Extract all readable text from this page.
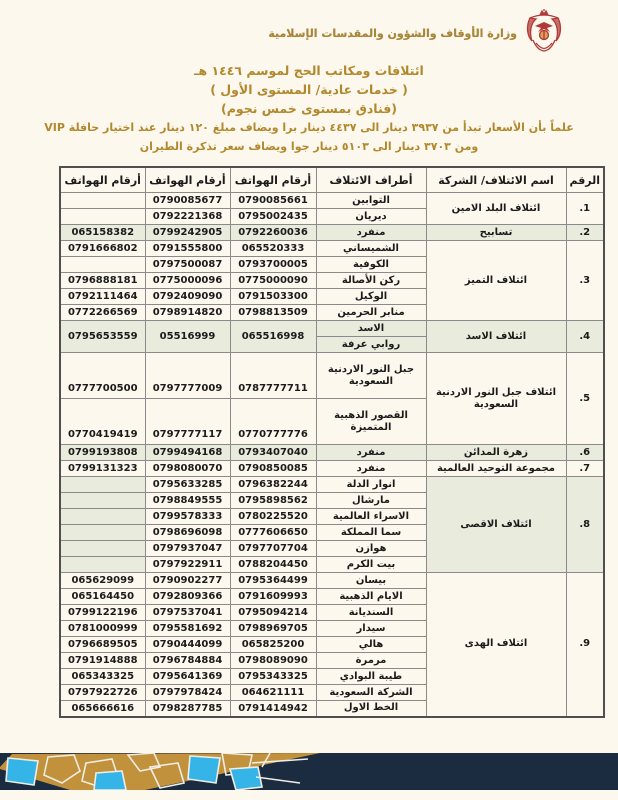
وزارة الأوقاف والشؤون والمقدسات الإسلامية

ائتلافات ومكاتب الحج لموسم ١٤٤٦ هـ

( خدمات عادية/ المستوى الأول )

(فنادق بمستوى خمس نجوم)

علماً بأن الأسعار تبدأ من ٣٩٣٧ دينار الى ٤٤٣٧ دينار برا ويضاف مبلغ ١٢٠ دينار عند اختيار حافلة VIP

ومن ٣٧٠٣ دينار الى ٥١٠٣ دينار جوا ويضاف سعر تذكرة الطيران

الرقم	اسم الائتلاف/ الشركة	أطراف الائتلاف	أرقام الهواتف	أرقام الهواتف	أرقام الهواتف
1.	ائتلاف البلد الامين	التوابين	0790085661	0790085677	
		ديريان	0795002435	0792221368	
2.	تسابيح	منفرد	0792260036	0799242905	065158382
3.	ائتلاف التميز	الشميساني	065520333	0791555800	0791666802
		الكوفية	0793700005	0797500087	
		ركن الأصالة	0775000090	0775000096	0796888181
		الوكيل	0791503300	0792409090	0792111464
		منابر الحرمين	0798813509	0798914820	0772266569
4.	ائتلاف الاسد	الاسد	065516998	05516999	0795653559
		روابي عرفة			
5.	ائتلاف جبل النور الاردنية السعودية	جبل النور الاردنية السعودية	0787777711	0797777009	0777700500
		القصور الذهبية المتميزة	0770777776	0797777117	0770419419
6.	زهرة المدائن	منفرد	0793407040	0799494168	0799193808
7.	مجموعة التوحيد العالمية	منفرد	0790850085	0798080070	0799131323
8.	ائتلاف الاقصى	انوار الدلة	0796382244	0795633285	
		مارشال	0795898562	0798849555	
		الاسراء العالمية	0780225520	0799578333	
		سما المملكة	0777606650	0798696098	
		هوازن	0797707704	0797937047	
		بيت الكرم	0788204450	0797922911	
9.	ائتلاف الهدى	بيسان	0795364499	0790902277	065629099
		الايام الذهبية	0791609993	0792809366	065164450
		السنديانة	0795094214	0797537041	0799122196
		سيدار	0798969705	0795581692	0781000999
		هالي	065825200	0790444099	0796689505
		مرمرة	0798089090	0796784884	0791914888
		طيبة البوادي	0795343325	0795641369	065343325
		الشركة السعودية	064621111	0797978424	0797922726
		الخط الاول	0791414942	0798287785	065666616
